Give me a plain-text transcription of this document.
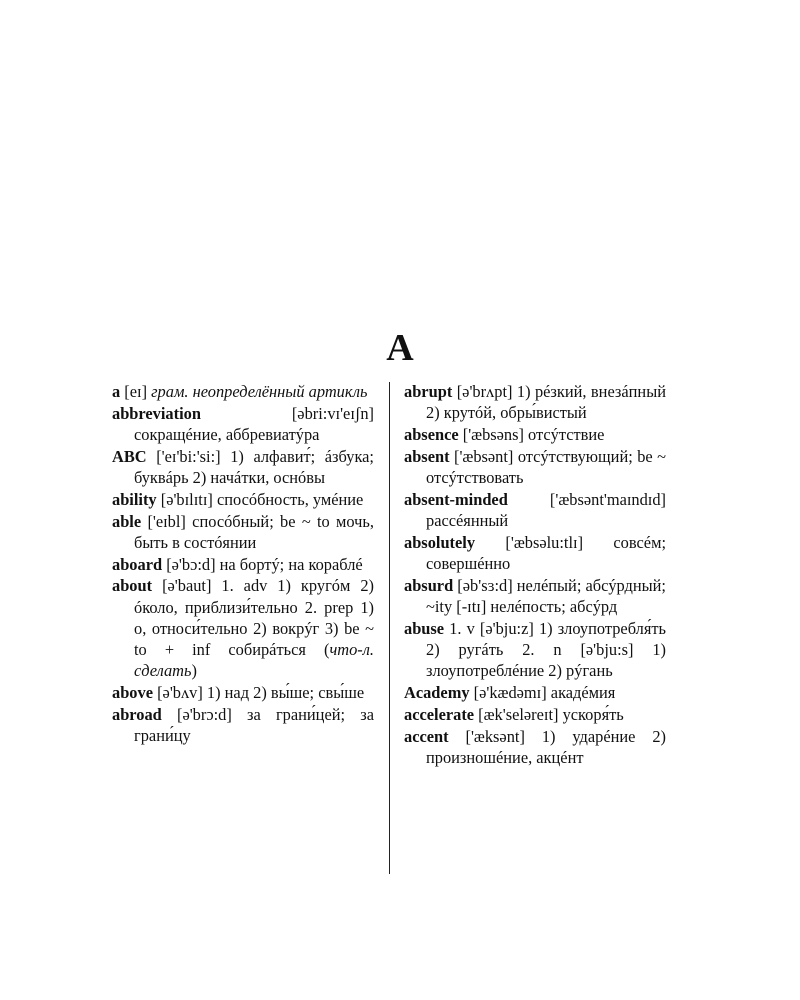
A
a [eɪ] грам. неопределённый артикль
abbreviation [əbri:vɪ'eɪʃn] сокращéние, аббревиатýра
ABC ['eɪ'bi:'si:] 1) алфавит́; áзбука; буквáрь 2) начáтки, оснóвы
ability [ə'bɪlɪtɪ] спосóбность, умéние
able ['eɪbl] спосóбный; be ~ to мочь, быть в состóянии
aboard [ə'bɔ:d] на бортý; на кораблé
about [ə'baut] 1. adv 1) кругóм 2) óколо, приблизи́тельно 2. prep 1) о, относи́тельно 2) вокрýг 3) be ~ to + inf собирáться (что-л. сделать)
above [ə'bʌv] 1) над 2) вы́ше; свы́ше
abroad [ə'brɔ:d] за грани́цей; за грани́цу
abrupt [ə'brʌpt] 1) рéзкий, внезáпный 2) крутóй, обры́вистый
absence ['æbsəns] отсýтствие
absent ['æbsənt] отсýтствующий; be ~ отсýтствовать
absent-minded ['æbsənt'maɪndɪd] рассéянный
absolutely ['æbsəlu:tlɪ] совсéм; совершéнно
absurd [əb'sɜ:d] нелéпый; абсýрдный; ~ity [-ɪtɪ] нелéпость; абсýрд
abuse 1. v [ə'bju:z] 1) злоупотребля́ть 2) ругáть 2. n [ə'bju:s] 1) злоупотреблéние 2) рýгань
Academy [ə'kædəmɪ] акадéмия
accelerate [æk'seləreɪt] ускоря́ть
accent ['æksənt] 1) ударéние 2) произношéние, акцéнт
